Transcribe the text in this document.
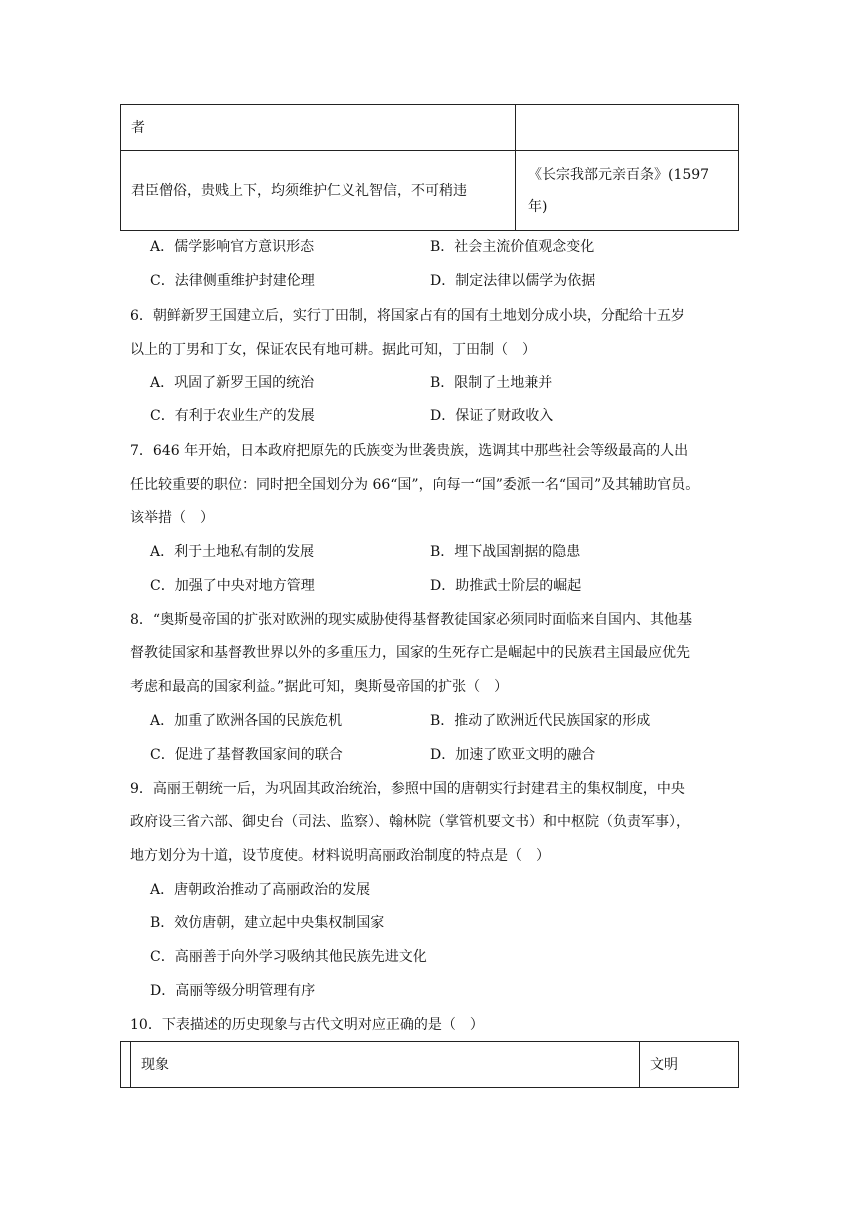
者	
君臣僧俗，贵贱上下，均须维护仁义礼智信，不可稍违	《长宗我部元亲百条》(1597
年)
A．儒学影响官方意识形态	B．社会主流价值观念变化
C．法律侧重维护封建伦理	D．制定法律以儒学为依据
6．朝鲜新罗王国建立后，实行丁田制，将国家占有的国有土地划分成小块，分配给十五岁
以上的丁男和丁女，保证农民有地可耕。据此可知，丁田制（　）
A．巩固了新罗王国的统治	B．限制了土地兼并
C．有利于农业生产的发展	D．保证了财政收入
7．646 年开始，日本政府把原先的氏族变为世袭贵族，选调其中那些社会等级最高的人出
任比较重要的职位：同时把全国划分为 66“国”，向每一“国”委派一名“国司”及其辅助官员。
该举措（　）
A．利于土地私有制的发展	B．埋下战国割据的隐患
C．加强了中央对地方管理	D．助推武士阶层的崛起
8．“奥斯曼帝国的扩张对欧洲的现实威胁使得基督教徒国家必须同时面临来自国内、其他基
督教徒国家和基督教世界以外的多重压力，国家的生死存亡是崛起中的民族君主国最应优先
考虑和最高的国家利益。”据此可知，奥斯曼帝国的扩张（　）
A．加重了欧洲各国的民族危机	B．推动了欧洲近代民族国家的形成
C．促进了基督教国家间的联合	D．加速了欧亚文明的融合
9．高丽王朝统一后，为巩固其政治统治，参照中国的唐朝实行封建君主的集权制度，中央
政府设三省六部、御史台（司法、监察）、翰林院（掌管机要文书）和中枢院（负责军事），
地方划分为十道，设节度使。材料说明高丽政治制度的特点是（　）
A．唐朝政治推动了高丽政治的发展
B．效仿唐朝，建立起中央集权制国家
C．高丽善于向外学习吸纳其他民族先进文化
D．高丽等级分明管理有序
10．下表描述的历史现象与古代文明对应正确的是（　）
	现象	文明
